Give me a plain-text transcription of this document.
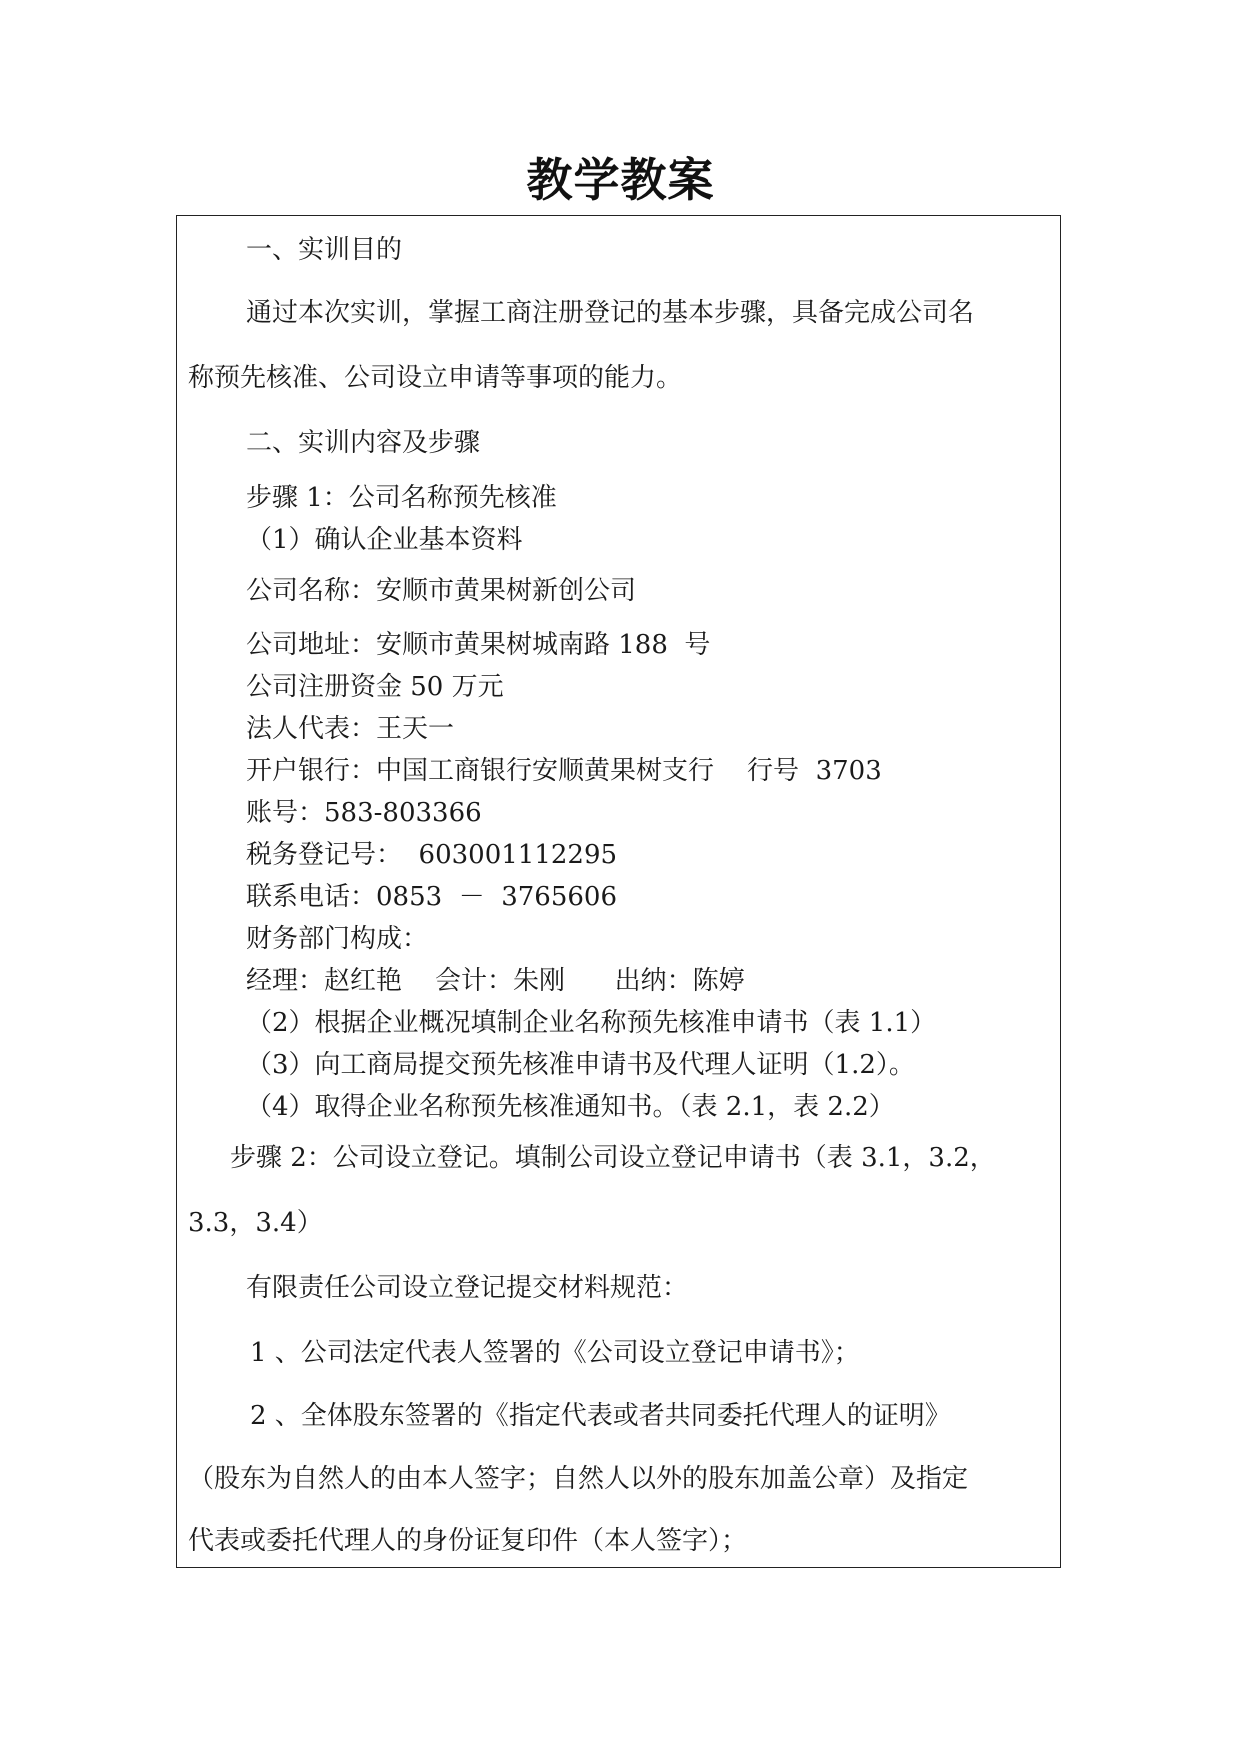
教学教案
一、实训目的
通过本次实训，掌握工商注册登记的基本步骤，具备完成公司名
称预先核准、公司设立申请等事项的能力。
二、实训内容及步骤
步骤 1：公司名称预先核准
（1）确认企业基本资料
公司名称：安顺市黄果树新创公司
公司地址：安顺市黄果树城南路 188  号
公司注册资金 50 万元
法人代表：王天一
开户银行：中国工商银行安顺黄果树支行    行号  3703
账号：583-803366
税务登记号：  603001112295
联系电话：0853  －  3765606
财务部门构成：
经理：赵红艳    会计：朱刚      出纳：陈婷
（2）根据企业概况填制企业名称预先核准申请书（表 1.1）
（3）向工商局提交预先核准申请书及代理人证明（1.2）。
（4）取得企业名称预先核准通知书。（表 2.1，表 2.2）
步骤 2：公司设立登记。填制公司设立登记申请书（表 3.1，3.2，
3.3，3.4）
有限责任公司设立登记提交材料规范：
1 、公司法定代表人签署的《公司设立登记申请书》；
2 、全体股东签署的《指定代表或者共同委托代理人的证明》
（股东为自然人的由本人签字；自然人以外的股东加盖公章）及指定
代表或委托代理人的身份证复印件（本人签字）；
